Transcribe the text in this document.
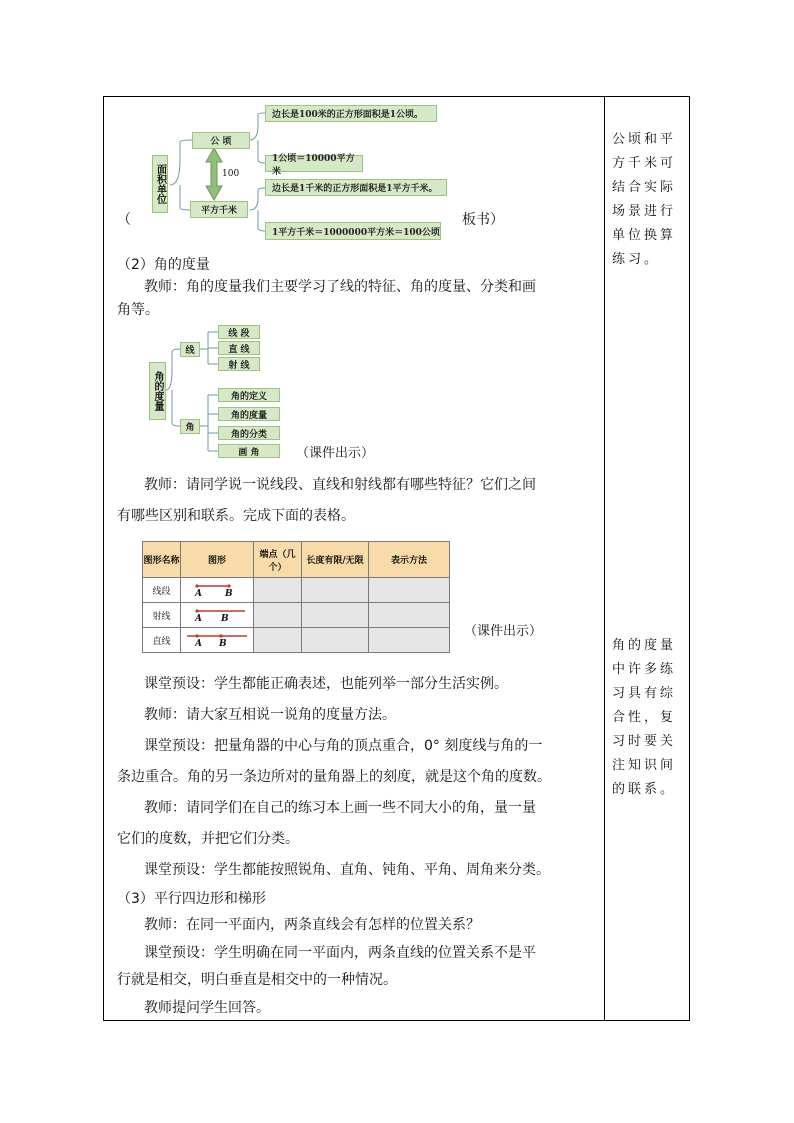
公顷和平方千米可结合实际场景进行单位换算练习。
角的度量中许多练习具有综合性，复习时要关注知识间的联系。
面积单位
公 顷
平方千米
100
边长是100米的正方形面积是1公顷。
1公顷＝10000平方米
边长是1千米的正方形面积是1平方千米。
1平方千米＝1000000平方米＝100公顷
（	板书）
（2）角的度量
教师：角的度量我们主要学习了线的特征、角的度量、分类和画
角等。
角的度量
线
线 段
直 线
射 线
角
角的定义
角的度量
角的分类
画 角	（课件出示）
教师：请同学说一说线段、直线和射线都有哪些特征？它们之间
有哪些区别和联系。完成下面的表格。
图形名称	图形	端点（几个）	长度有限/无限	表示方法
线段	A B			

射线	A B			

直线	A B			

（课件出示）
课堂预设：学生都能正确表述，也能列举一部分生活实例。
教师：请大家互相说一说角的度量方法。
课堂预设：把量角器的中心与角的顶点重合，0° 刻度线与角的一
条边重合。角的另一条边所对的量角器上的刻度，就是这个角的度数。
教师：请同学们在自己的练习本上画一些不同大小的角，量一量
它们的度数，并把它们分类。
课堂预设：学生都能按照锐角、直角、钝角、平角、周角来分类。
（3）平行四边形和梯形
教师：在同一平面内，两条直线会有怎样的位置关系？
课堂预设：学生明确在同一平面内，两条直线的位置关系不是平
行就是相交，明白垂直是相交中的一种情况。
教师提问学生回答。
